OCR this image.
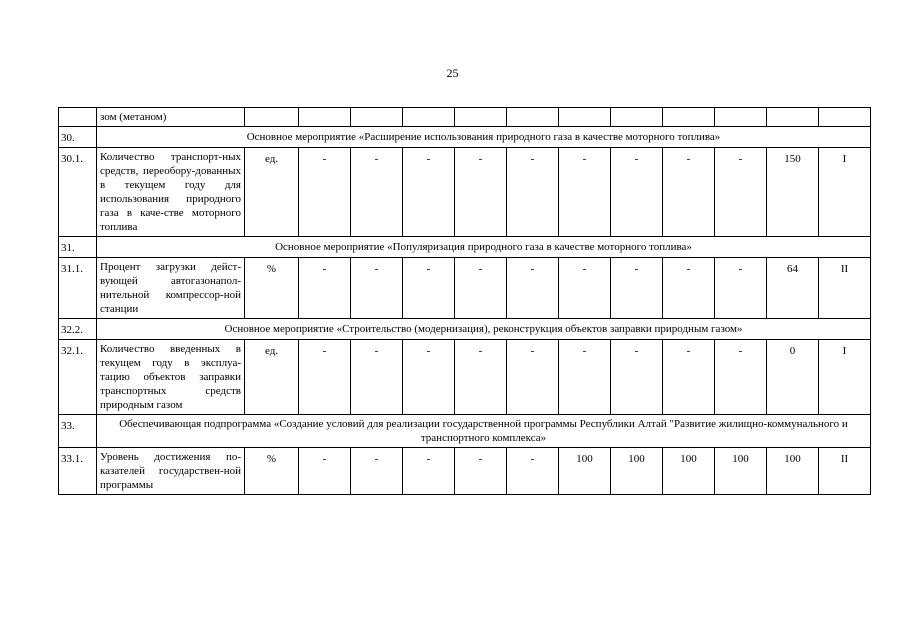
25
	зом (метаном)												
30.	Основное мероприятие «Расширение использования природного газа в качестве моторного топлива»												
30.1.	Количество транспорт-ных средств, переобору-дованных в текущем году для использования природного газа в каче-стве моторного топлива	ед.	-	-	-	-	-	-	-	-	-	150	I
31.	Основное мероприятие «Популяризация природного газа в качестве моторного топлива»												
31.1.	Процент загрузки дейст-вующей автогазонапол-нительной компрессор-ной станции	%	-	-	-	-	-	-	-	-	-	64	II
32.2.	Основное мероприятие «Строительство (модернизация), реконструкция объектов заправки природным газом»												
32.1.	Количество введенных в текущем году в эксплуа-тацию объектов заправки транспортных средств природным газом	ед.	-	-	-	-	-	-	-	-	-	0	I
33.	Обеспечивающая подпрограмма «Создание условий для реализации государственной программы Республики Алтай "Развитие жилищно-коммунального и транспортного комплекса»												
33.1.	Уровень достижения по-казателей государствен-ной программы	%	-	-	-	-	-	100	100	100	100	100	II
